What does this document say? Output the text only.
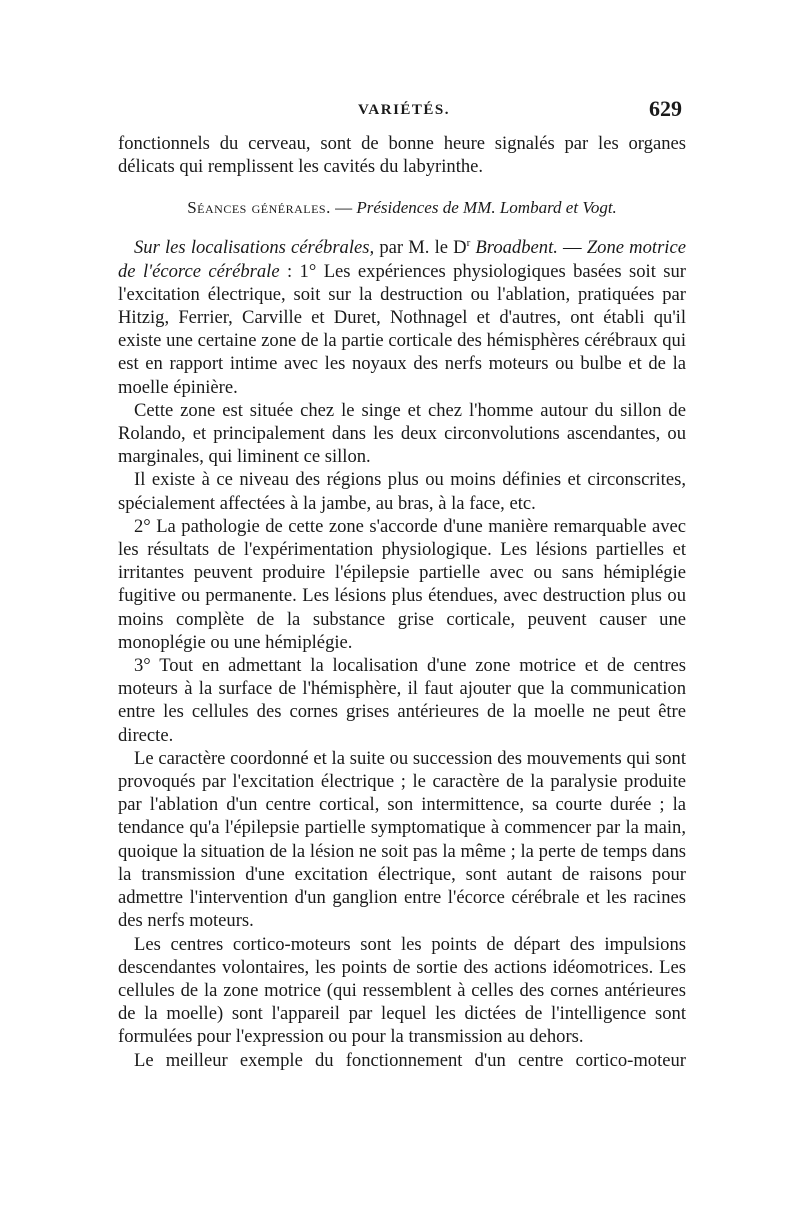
VARIÉTÉS.	629

fonctionnels du cerveau, sont de bonne heure signalés par les organes délicats qui remplissent les cavités du labyrinthe.

Séances générales. — Présidences de MM. Lombard et Vogt.

Sur les localisations cérébrales, par M. le $D^r$ Broadbent. — Zone motrice de l'écorce cérébrale : 1° Les expériences physiologiques basées soit sur l'excitation électrique, soit sur la destruction ou l'ablation, pratiquées par Hitzig, Ferrier, Carville et Duret, Nothnagel et d'autres, ont établi qu'il existe une certaine zone de la partie corticale des hémisphères cérébraux qui est en rapport intime avec les noyaux des nerfs moteurs ou bulbe et de la moelle épinière.

Cette zone est située chez le singe et chez l'homme autour du sillon de Rolando, et principalement dans les deux circonvolutions ascendantes, ou marginales, qui liminent ce sillon.

Il existe à ce niveau des régions plus ou moins définies et circonscrites, spécialement affectées à la jambe, au bras, à la face, etc.

2° La pathologie de cette zone s'accorde d'une manière remarquable avec les résultats de l'expérimentation physiologique. Les lésions partielles et irritantes peuvent produire l'épilepsie partielle avec ou sans hémiplégie fugitive ou permanente. Les lésions plus étendues, avec destruction plus ou moins complète de la substance grise corticale, peuvent causer une monoplégie ou une hémiplégie.

3° Tout en admettant la localisation d'une zone motrice et de centres moteurs à la surface de l'hémisphère, il faut ajouter que la communication entre les cellules des cornes grises antérieures de la moelle ne peut être directe.

Le caractère coordonné et la suite ou succession des mouvements qui sont provoqués par l'excitation électrique ; le caractère de la paralysie produite par l'ablation d'un centre cortical, son intermittence, sa courte durée ; la tendance qu'a l'épilepsie partielle symptomatique à commencer par la main, quoique la situation de la lésion ne soit pas la même ; la perte de temps dans la transmission d'une excitation électrique, sont autant de raisons pour admettre l'intervention d'un ganglion entre l'écorce cérébrale et les racines des nerfs moteurs.

Les centres cortico-moteurs sont les points de départ des impulsions descendantes volontaires, les points de sortie des actions idéomotrices. Les cellules de la zone motrice (qui ressemblent à celles des cornes antérieures de la moelle) sont l'appareil par lequel les dictées de l'intelligence sont formulées pour l'expression ou pour la transmission au dehors.

Le meilleur exemple du fonctionnement d'un centre cortico-moteur
